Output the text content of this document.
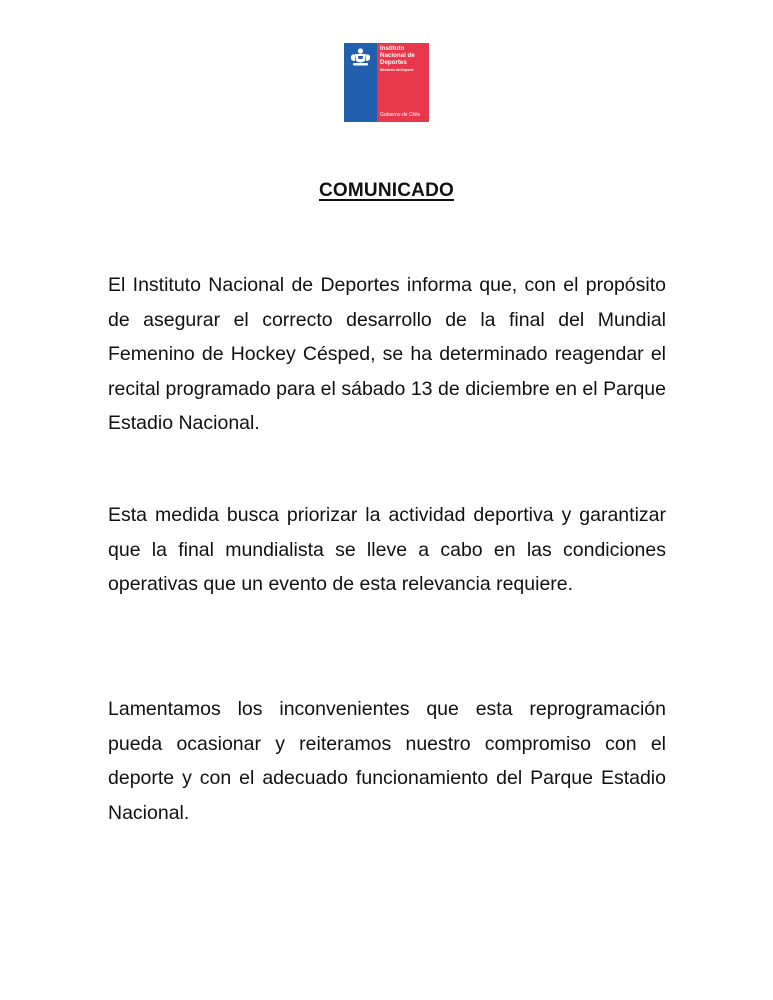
Instituto
Nacional de
Deportes
Ministerio del Deporte
Gobierno de Chile
COMUNICADO

El Instituto Nacional de Deportes informa que, con el propósito de asegurar el correcto desarrollo de la final del Mundial Femenino de Hockey Césped, se ha determinado reagendar el recital programado para el sábado 13 de diciembre en el Parque Estadio Nacional.

Esta medida busca priorizar la actividad deportiva y garantizar que la final mundialista se lleve a cabo en las condiciones operativas que un evento de esta relevancia requiere.

Lamentamos los inconvenientes que esta reprogramación pueda ocasionar y reiteramos nuestro compromiso con el deporte y con el adecuado funcionamiento del Parque Estadio Nacional.
